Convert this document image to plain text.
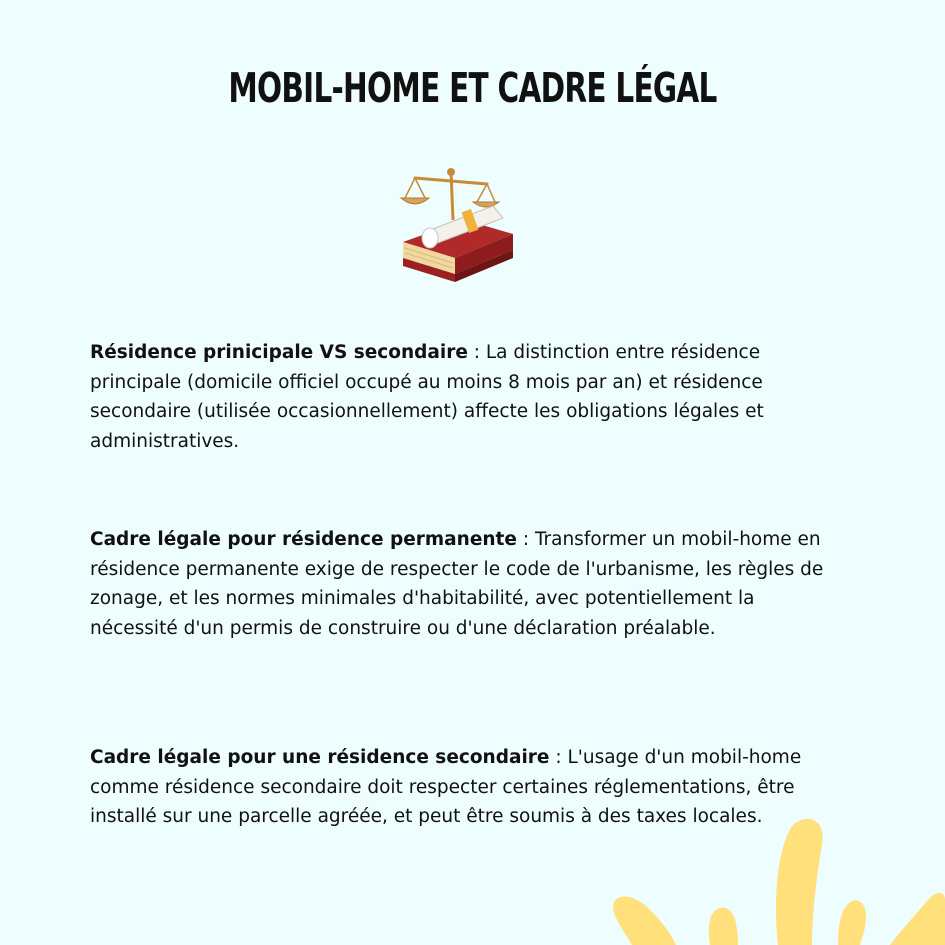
MOBIL-HOME ET CADRE LÉGAL

Résidence prinicipale VS secondaire : La distinction entre résidence principale (domicile officiel occupé au moins 8 mois par an) et résidence secondaire (utilisée occasionnellement) affecte les obligations légales et administratives.

Cadre légale pour résidence permanente : Transformer un mobil-home en résidence permanente exige de respecter le code de l'urbanisme, les règles de zonage, et les normes minimales d'habitabilité, avec potentiellement la nécessité d'un permis de construire ou d'une déclaration préalable.

Cadre légale pour une résidence secondaire : L'usage d'un mobil-home comme résidence secondaire doit respecter certaines réglementations, être installé sur une parcelle agréée, et peut être soumis à des taxes locales.
